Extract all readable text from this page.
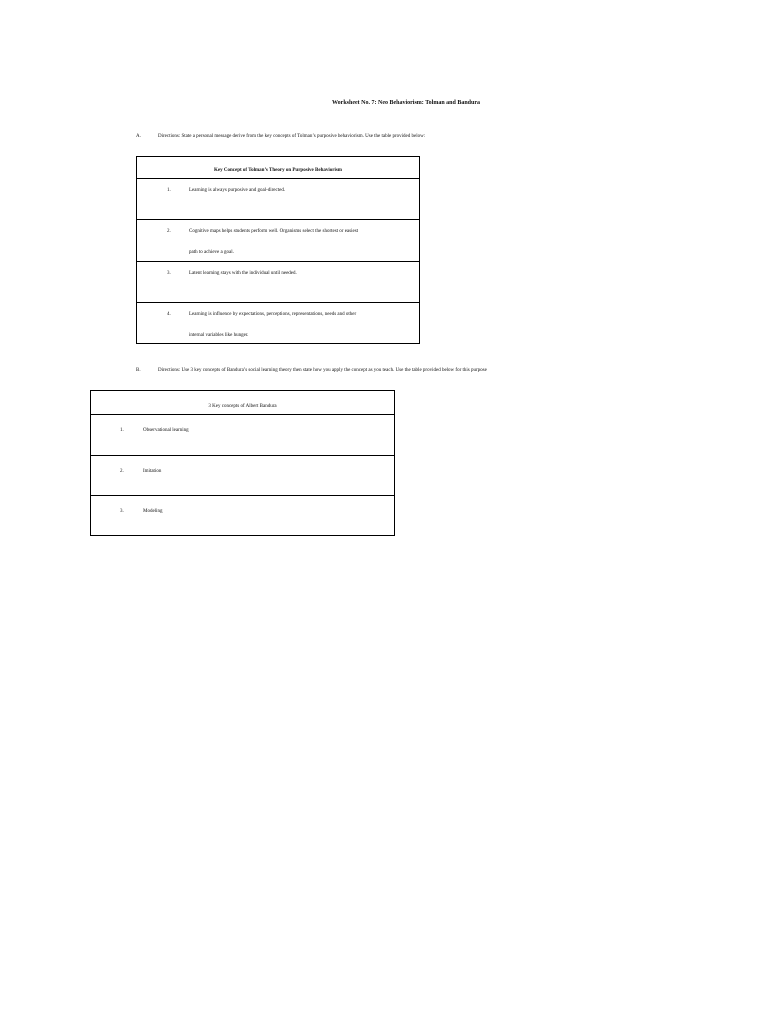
Worksheet No. 7: Neo Behaviorism: Tolman and Bandura
A.	Directions: State a personal message derive from the key concepts of Tolman’s purposive behaviorism. Use the table provided below:
Key Concept of Tolman’s Theory on Purposive Behaviorism
1.	Learning is always purposive and goal-directed.
2.	Cognitive maps helps students perform well. Organisms select the shortest or easiest
path to achieve a goal.
3.	Latent learning stays with the individual until needed.
4.	Learning is influence by expectations, perceptions, representations, needs and other
internal variables like hunger.
B.	Directions: Use 3 key concepts of Bandura’s social learning theory then state how you apply the concept as you teach. Use the table provided below for this purpose
3 Key concepts of Albert Bandura
1.	Observational learning
2.	Imitation
3.	Modeling
